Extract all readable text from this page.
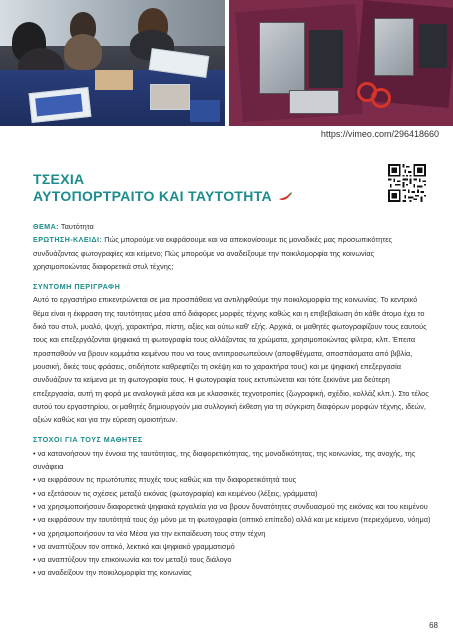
https://vimeo.com/296418660
ΤΣΕΧΙΑ
ΑΥΤΟΠΟΡΤΡΑΙΤΟ ΚΑΙ ΤΑΥΤΟΤΗΤΑ
ΘΕΜΑ: Ταυτότητα
ΕΡΩΤΗΣΗ-ΚΛΕΙΔΙ: Πώς μπορούμε να εκφράσουμε και να απεικονίσουμε τις μοναδικές μας προσωπικότητες συνδυάζοντας φωτογραφίες και κείμενο; Πώς μπορούμε να αναδείξουμε την ποικιλομορφία της κοινωνίας χρησιμοποιώντας διαφορετικά στυλ τέχνης;
ΣΥΝΤΟΜΗ ΠΕΡΙΓΡΑΦΗ
Αυτό το εργαστήριο επικεντρώνεται σε μια προσπάθεια να αντιληφθούμε την ποικιλομορφία της κοινωνίας. Το κεντρικό θέμα είναι η έκφραση της ταυτότητας μέσα από διάφορες μορφές τέχνης καθώς και η επιβεβαίωση ότι κάθε άτομο έχει το δικό του στυλ, μυαλό, ψυχή, χαρακτήρα, πίστη, αξίες και ούτω καθ' εξής. Αρχικά, οι μαθητές φωτογραφίζουν τους εαυτούς τους και επεξεργάζονται ψηφιακά τη φωτογραφία τους αλλάζοντας τα χρώματα, χρησιμοποιώντας φίλτρα, κλπ. Έπειτα προσπαθούν να βρουν κομμάτια κειμένου που να τους αντιπροσωπεύουν (αποφθέγματα, αποσπάσματα από βιβλία, μουσική, δικές τους φράσεις, οτιδήποτε καθρεφτίζει τη σκέψη και το χαρακτήρα τους) και με ψηφιακή επεξεργασία συνδυάζουν τα κείμενα με τη φωτογραφία τους. Η φωτογραφία τους εκτυπώνεται και τότε ξεκινάνε μια δεύτερη επεξεργασία, αυτή τη φορά με αναλογικά μέσα και με κλασσικές τεχνοτροπίες (ζωγραφική, σχέδιο, κολλάζ κλπ.). Στο τέλος αυτού του εργαστηρίου, οι μαθητές δημιουργούν μια συλλογική έκθεση για τη σύγκριση διαφόρων μορφών τέχνης, ιδεών, αξιών καθώς και για την εύρεση ομοιοτήτων.
ΣΤΟΧΟΙ ΓΙΑ ΤΟΥΣ ΜΑΘΗΤΕΣ
• να κατανοήσουν την έννοια της ταυτότητας, της διαφορετικότητας, της μοναδικότητας, της κοινωνίας, της ανοχής, της συνάφεια
• να εκφράσουν τις πρωτότυπες πτυχές τους καθώς και την διαφορετικότητά τους
• να εξετάσουν τις σχέσεις μεταξύ εικόνας (φωτογραφία) και κειμένου (λέξεις, γράμματα)
• να χρησιμοποιήσουν διαφορετικά ψηφιακά εργαλεία για να βρουν δυνατότητες συνδυασμού της εικόνας και του κειμένου
• να εκφράσουν την ταυτότητά τους όχι μόνο με τη φωτογραφία (οπτικό επίπεδο) αλλά και με κείμενο (περιεχόμενο, νόημα)
• να χρησιμοποιήσουν τα νέα Μέσα για την εκπαίδευση τους στην τέχνη
• να αναπτύξουν τον οπτικό, λεκτικό και ψηφιακό γραμματισμό
• να αναπτύξουν την επικοινωνία και τον μεταξύ τους διάλογο
• να αναδείξουν την ποικιλομορφία της κοινωνίας
68
